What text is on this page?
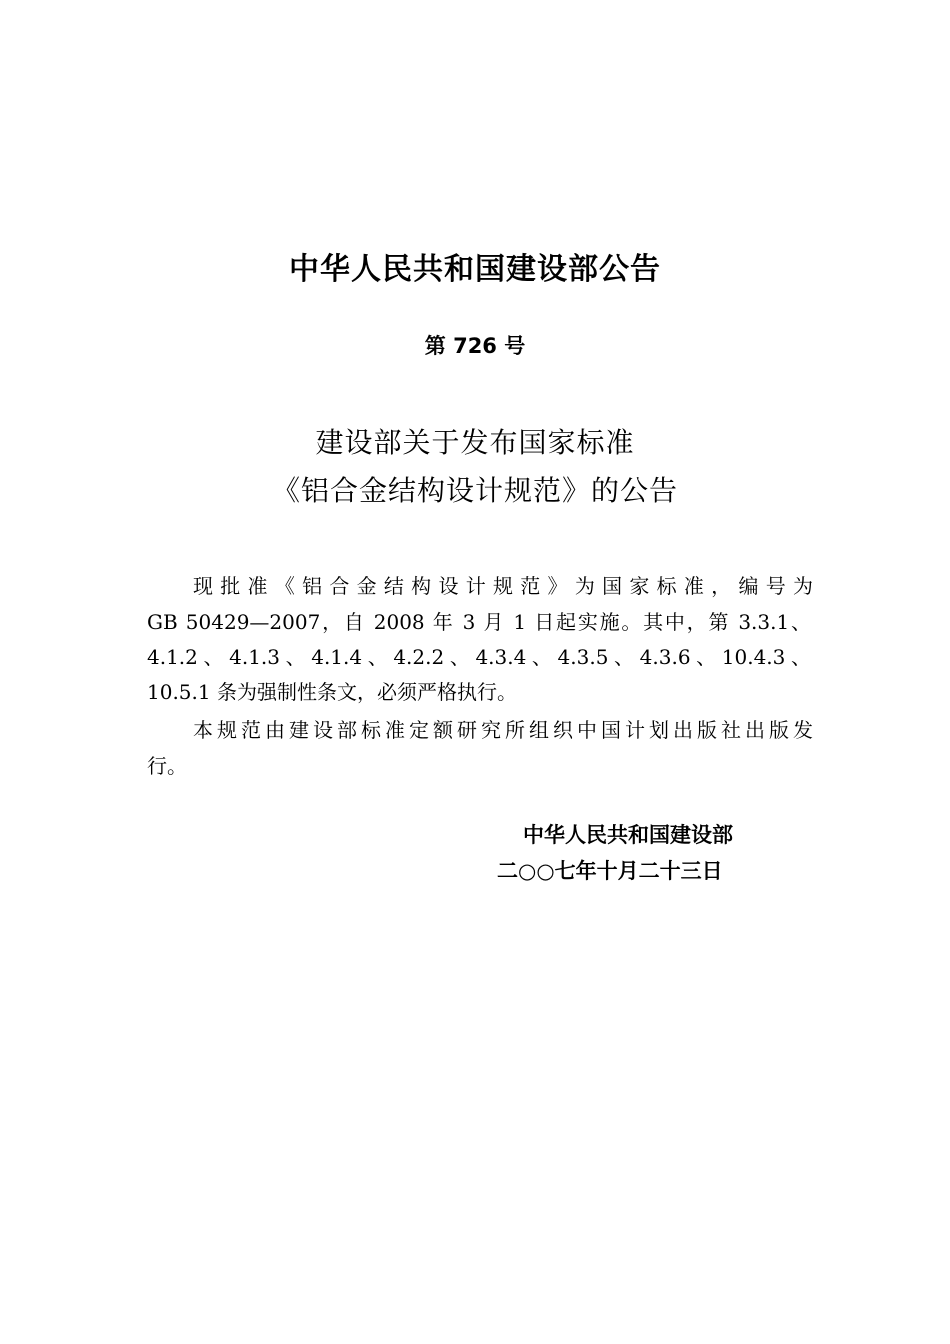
中华人民共和国建设部公告
第 726 号
建设部关于发布国家标准
《铝合金结构设计规范》的公告
现批准《铝合金结构设计规范》为国家标准，编号为
GB 50429—2007，自 2008 年 3 月 1 日起实施。其中，第 3.3.1、
4.1.2、4.1.3、4.1.4、4.2.2、4.3.4、4.3.5、4.3.6、10.4.3、
10.5.1 条为强制性条文，必须严格执行。
本规范由建设部标准定额研究所组织中国计划出版社出版发
行。
中华人民共和国建设部
二○○七年十月二十三日
